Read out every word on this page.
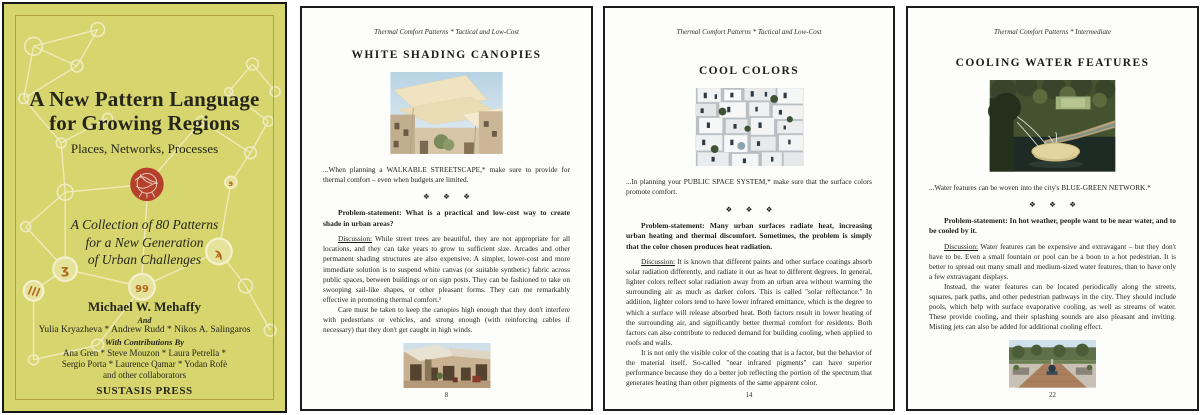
ʒ
99
ϡ
϶
A New Pattern Language
for Growing Regions
Places, Networks, Processes
A Collection of 80 Patterns
for a New Generation
of Urban Challenges
Michael W. Mehaffy
And
Yulia Kryazheva * Andrew Rudd * Nikos A. Salingaros
With Contributions By
Ana Gren * Steve Mouzon * Laura Petrella *
Sergio Porta * Laurence Qamar * Yodan Rofè
and other collaborators
SUSTASIS PRESS
Thermal Comfort Patterns * Tactical and Low-Cost
WHITE SHADING CANOPIES

...When planning a WALKABLE STREETSCAPE,* make sure to provide for thermal comfort – even when budgets are limited.

❖ ❖ ❖

Problem-statement: What is a practical and low-cost way to create shade in urban areas?

Discussion: While street trees are beautiful, they are not appropriate for all locations, and they can take years to grow to sufficient size. Arcades and other permanent shading structures are also expensive. A simpler, lower-cost and more immediate solution is to suspend white canvas (or suitable synthetic) fabric across public spaces, between buildings or on sign posts. They can be fashioned to take on swooping sail-like shapes, or other pleasant forms. They can me remarkably effective in promoting thermal comfort.¹

Care must be taken to keep the canopies high enough that they don't interfere with pedestrians or vehicles, and strong enough (with reinforcing cables if necessary) that they don't get caught in high winds.

8
Thermal Comfort Patterns * Tactical and Low-Cost
COOL COLORS

...In planning your PUBLIC SPACE SYSTEM,* make sure that the surface colors promote comfort.

❖ ❖ ❖

Problem-statement: Many urban surfaces radiate heat, increasing urban heating and thermal discomfort. Sometimes, the problem is simply that the color chosen produces heat radiation.

Discussion: It is known that different paints and other surface coatings absorb solar radiation differently, and radiate it out as heat to different degrees. In general, lighter colors reflect solar radiation away from an urban area without warming the surrounding air as much as darker colors. This is called "solar reflectance." In addition, lighter colors tend to have lower infrared emittance, which is the degree to which a surface will release absorbed heat. Both factors result in lower heating of the surrounding air, and significantly better thermal comfort for residents. Both factors can also contribute to reduced demand for building cooling, when applied to roofs and walls.

It is not only the visible color of the coating that is a factor, but the behavior of the material itself. So-called "near infrared pigments" can have superior performance because they do a better job reflecting the portion of the spectrum that generates heating than other pigments of the same apparent color.

14
Thermal Comfort Patterns * Intermediate
COOLING WATER FEATURES

...Water features can be woven into the city's BLUE-GREEN NETWORK.*

❖ ❖ ❖

Problem-statement: In hot weather, people want to be near water, and to be cooled by it.

Discussion: Water features can be expensive and extravagant – but they don't have to be. Even a small fountain or pool can be a boon to a hot pedestrian. It is better to spread out many small and medium-sized water features, than to have only a few extravagant displays.

Instead, the water features can be located periodically along the streets, squares, park paths, and other pedestrian pathways in the city. They should include pools, which help with surface evaporative cooling, as well as streams of water. These provide cooling, and their splashing sounds are also pleasant and inviting. Misting jets can also be added for additional cooling effect.

22
